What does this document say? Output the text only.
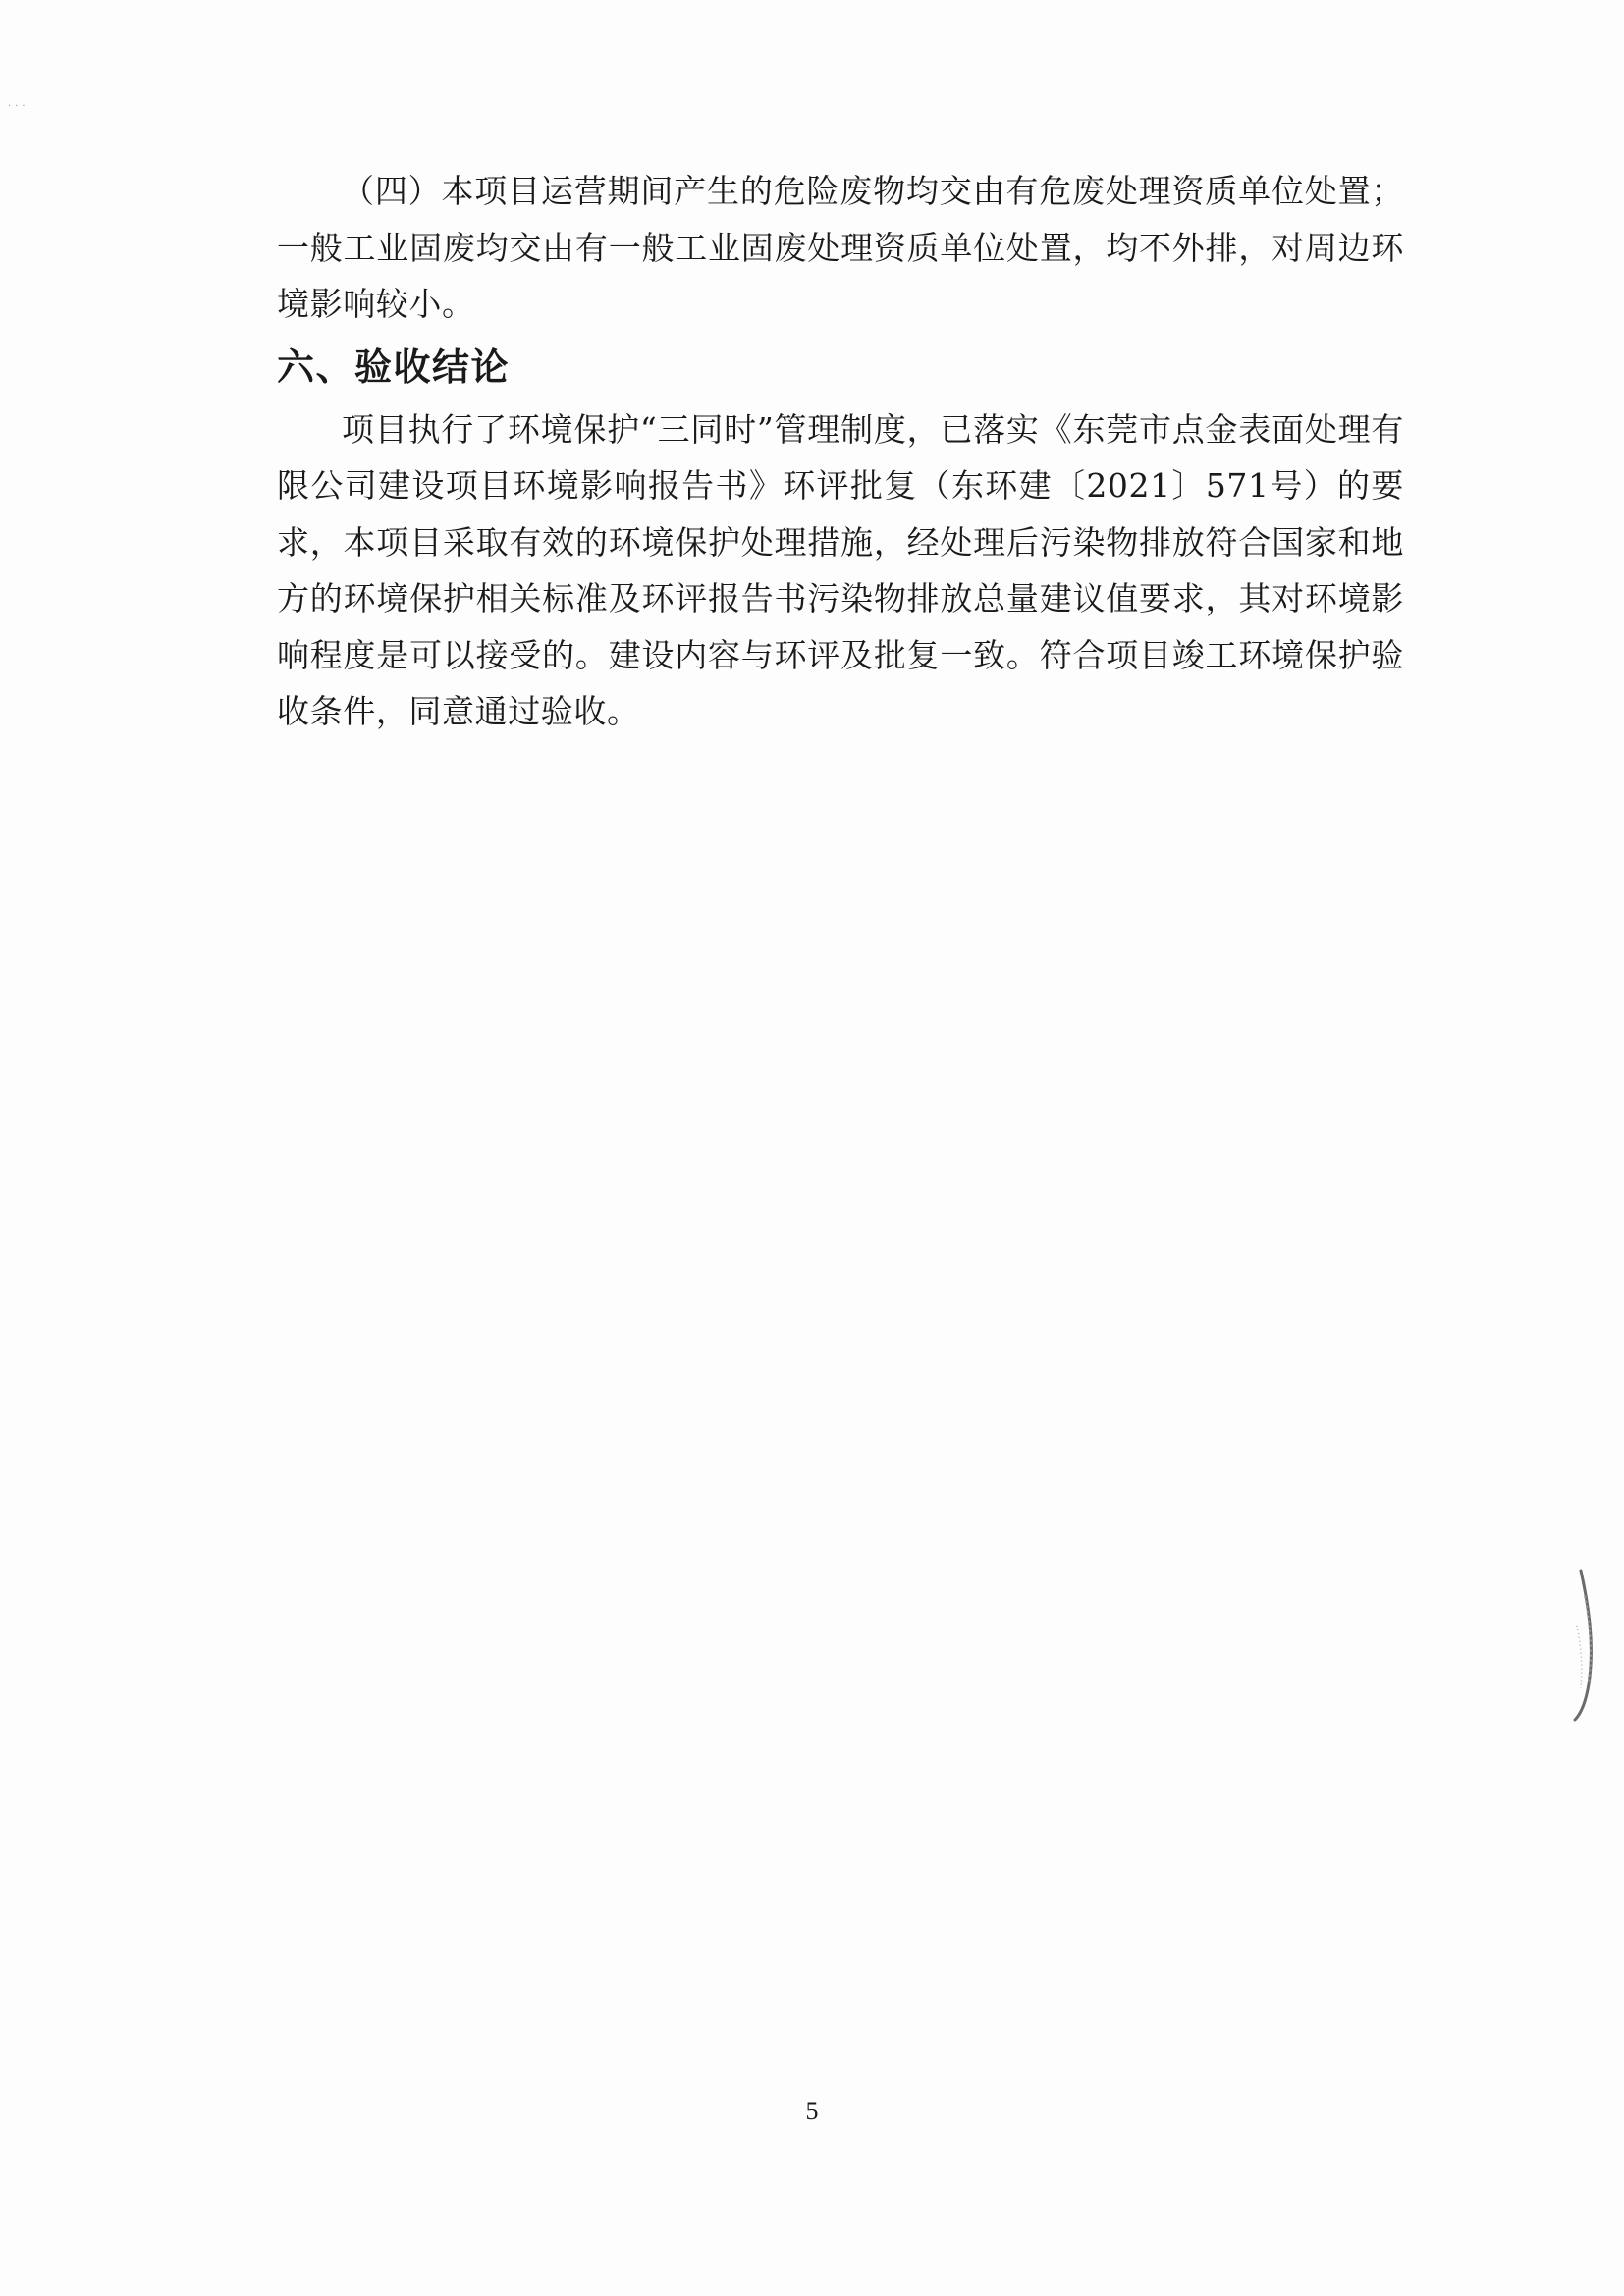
···

（四）本项目运营期间产生的危险废物均交由有危废处理资质单位处置；一般工业固废均交由有一般工业固废处理资质单位处置，均不外排，对周边环境影响较小。

六、验收结论

项目执行了环境保护“三同时”管理制度，已落实《东莞市点金表面处理有限公司建设项目环境影响报告书》环评批复（东环建〔2021〕571号）的要求，本项目采取有效的环境保护处理措施，经处理后污染物排放符合国家和地方的环境保护相关标准及环评报告书污染物排放总量建议值要求，其对环境影响程度是可以接受的。建设内容与环评及批复一致。符合项目竣工环境保护验收条件，同意通过验收。

5
